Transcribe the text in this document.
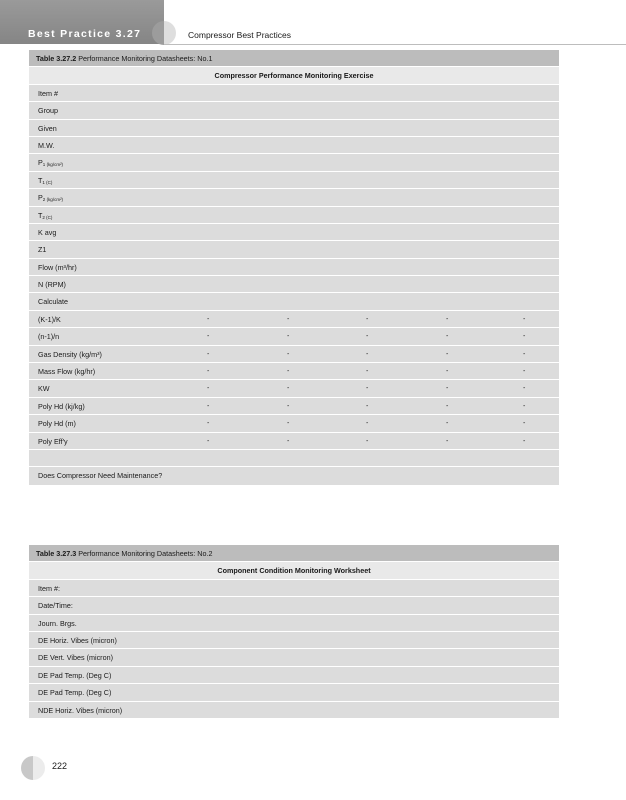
Best Practice 3.27	Compressor Best Practices
Table 3.27.2 Performance Monitoring Datasheets: No.1
Compressor Performance Monitoring Exercise
Item #
Group
Given
M.W.
$P_1$ $_{(kg/cm^2)}$
$T_1$ $_{(C)}$
$P_2$ $_{(kg/cm^2)}$
$T_2$ $_{(C)}$
K avg
Z1
Flow (m³/hr)
N (RPM)
Calculate
(K-1)/K	-	-	-	-	-
(n-1)/n	-	-	-	-	-
Gas Density (kg/m³)	-	-	-	-	-
Mass Flow (kg/hr)	-	-	-	-	-
KW	-	-	-	-	-
Poly Hd (kj/kg)	-	-	-	-	-
Poly Hd (m)	-	-	-	-	-
Poly Eff'y	-	-	-	-	-
Does Compressor Need Maintenance?
Table 3.27.3 Performance Monitoring Datasheets: No.2
Component Condition Monitoring Worksheet
Item #:
Date/Time:
Journ. Brgs.
DE Horiz. Vibes (micron)
DE Vert. Vibes (micron)
DE Pad Temp. (Deg C)
DE Pad Temp. (Deg C)
NDE Horiz. Vibes (micron)
222
